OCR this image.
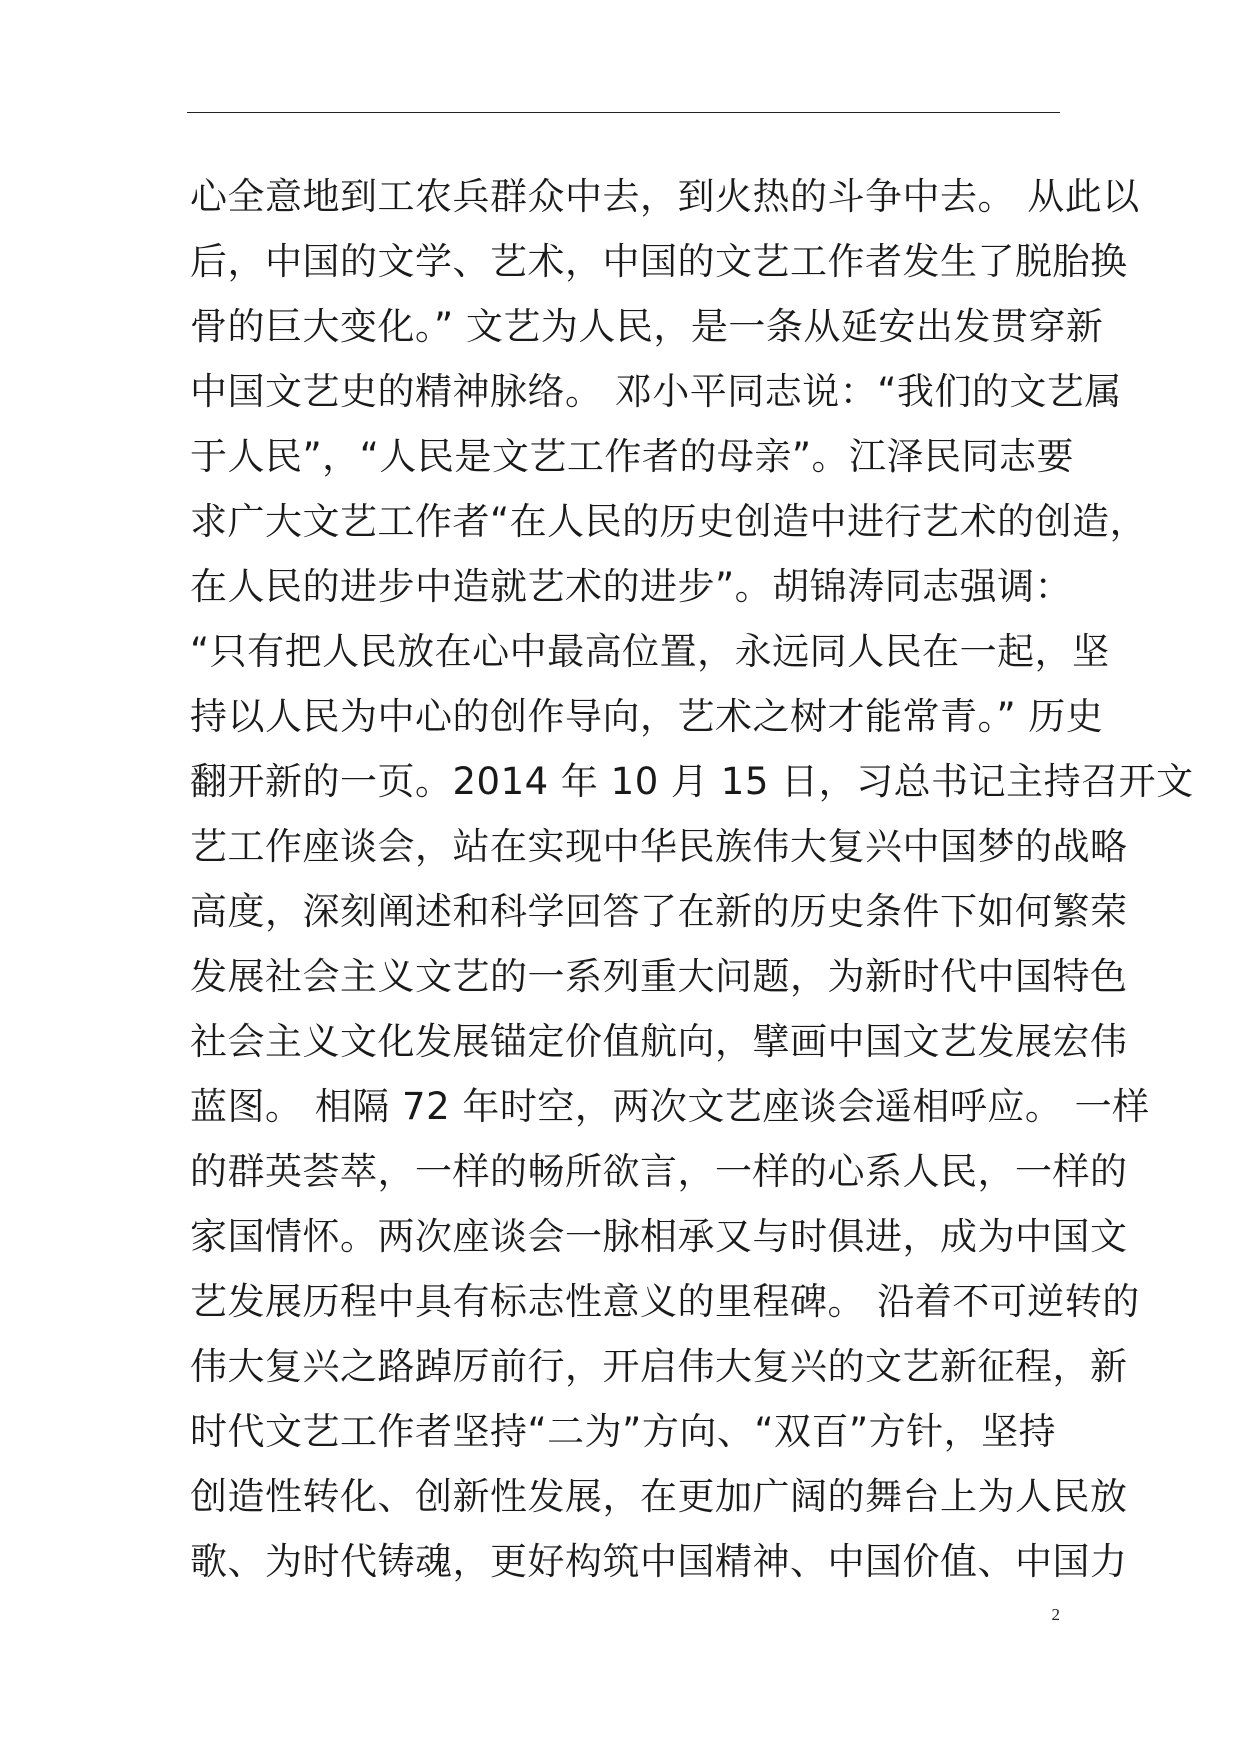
心全意地到工农兵群众中去，到火热的斗争中去。 从此以
后，中国的文学、艺术，中国的文艺工作者发生了脱胎换
骨的巨大变化。” 文艺为人民，是一条从延安出发贯穿新
中国文艺史的精神脉络。 邓小平同志说：“我们的文艺属
于人民”，“人民是文艺工作者的母亲”。江泽民同志要
求广大文艺工作者“在人民的历史创造中进行艺术的创造，
在人民的进步中造就艺术的进步”。胡锦涛同志强调：
“只有把人民放在心中最高位置，永远同人民在一起，坚
持以人民为中心的创作导向，艺术之树才能常青。” 历史
翻开新的一页。2014 年 10 月 15 日，习总书记主持召开文
艺工作座谈会，站在实现中华民族伟大复兴中国梦的战略
高度，深刻阐述和科学回答了在新的历史条件下如何繁荣
发展社会主义文艺的一系列重大问题，为新时代中国特色
社会主义文化发展锚定价值航向，擘画中国文艺发展宏伟
蓝图。 相隔 72 年时空，两次文艺座谈会遥相呼应。 一样
的群英荟萃，一样的畅所欲言，一样的心系人民，一样的
家国情怀。两次座谈会一脉相承又与时俱进，成为中国文
艺发展历程中具有标志性意义的里程碑。 沿着不可逆转的
伟大复兴之路踔厉前行，开启伟大复兴的文艺新征程，新
时代文艺工作者坚持“二为”方向、“双百”方针，坚持
创造性转化、创新性发展，在更加广阔的舞台上为人民放
歌、为时代铸魂，更好构筑中国精神、中国价值、中国力
2
